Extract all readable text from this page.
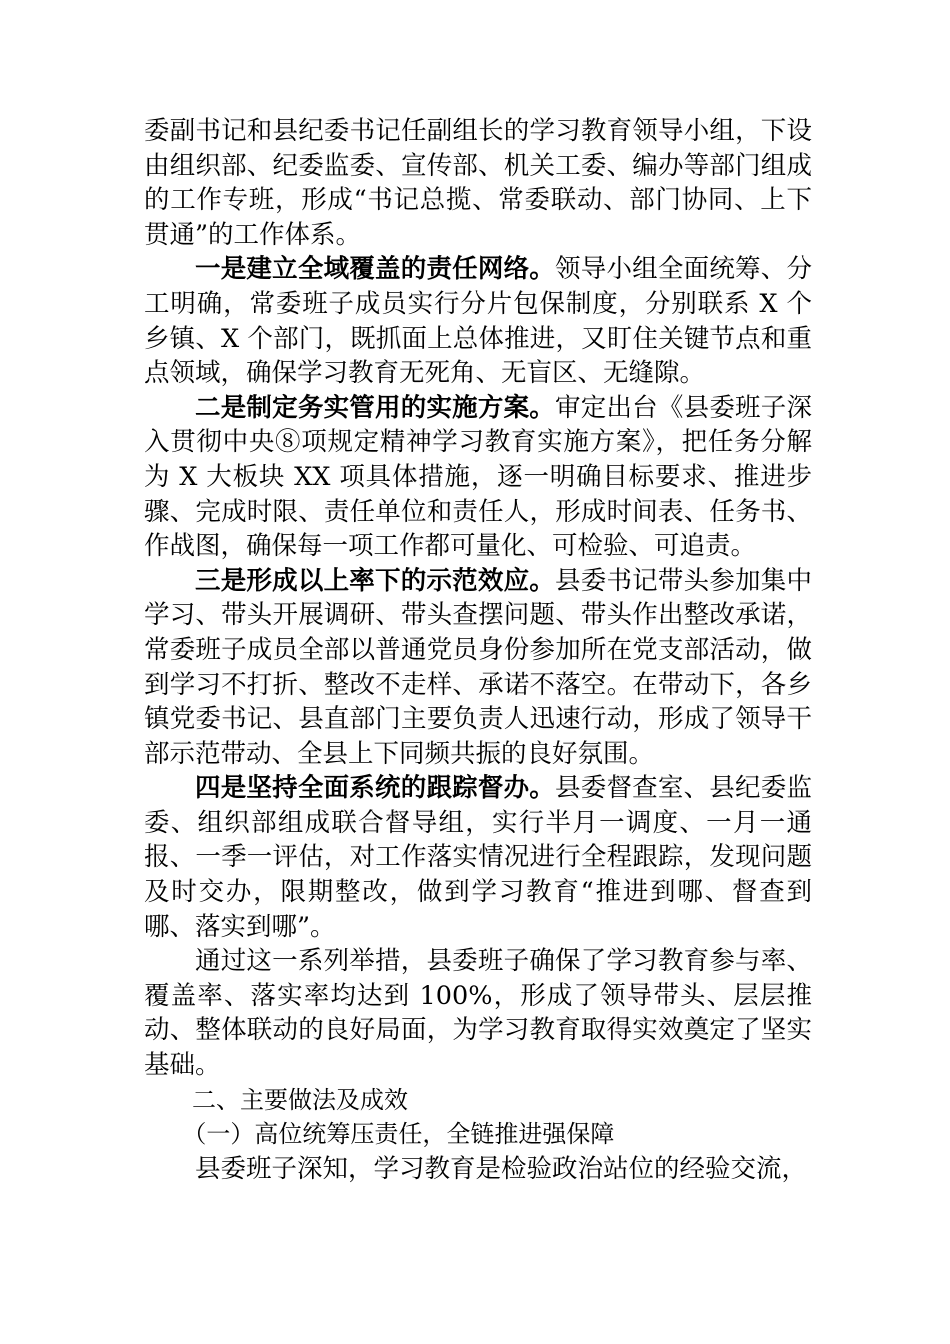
委副书记和县纪委书记任副组长的学习教育领导小组，下设由组织部、纪委监委、宣传部、机关工委、编办等部门组成的工作专班，形成“书记总揽、常委联动、部门协同、上下贯通”的工作体系。

一是建立全域覆盖的责任网络。领导小组全面统筹、分工明确，常委班子成员实行分片包保制度，分别联系 X 个乡镇、X 个部门，既抓面上总体推进，又盯住关键节点和重点领域，确保学习教育无死角、无盲区、无缝隙。

二是制定务实管用的实施方案。审定出台《县委班子深入贯彻中央⑧项规定精神学习教育实施方案》，把任务分解为 X 大板块 XX 项具体措施，逐一明确目标要求、推进步骤、完成时限、责任单位和责任人，形成时间表、任务书、作战图，确保每一项工作都可量化、可检验、可追责。

三是形成以上率下的示范效应。县委书记带头参加集中学习、带头开展调研、带头查摆问题、带头作出整改承诺，常委班子成员全部以普通党员身份参加所在党支部活动，做到学习不打折、整改不走样、承诺不落空。在带动下，各乡镇党委书记、县直部门主要负责人迅速行动，形成了领导干部示范带动、全县上下同频共振的良好氛围。

四是坚持全面系统的跟踪督办。县委督查室、县纪委监委、组织部组成联合督导组，实行半月一调度、一月一通报、一季一评估，对工作落实情况进行全程跟踪，发现问题及时交办，限期整改，做到学习教育“推进到哪、督查到哪、落实到哪”。

通过这一系列举措，县委班子确保了学习教育参与率、覆盖率、落实率均达到 100%，形成了领导带头、层层推动、整体联动的良好局面，为学习教育取得实效奠定了坚实基础。

二、主要做法及成效

（一）高位统筹压责任，全链推进强保障

县委班子深知，学习教育是检验政治站位的经验交流，
